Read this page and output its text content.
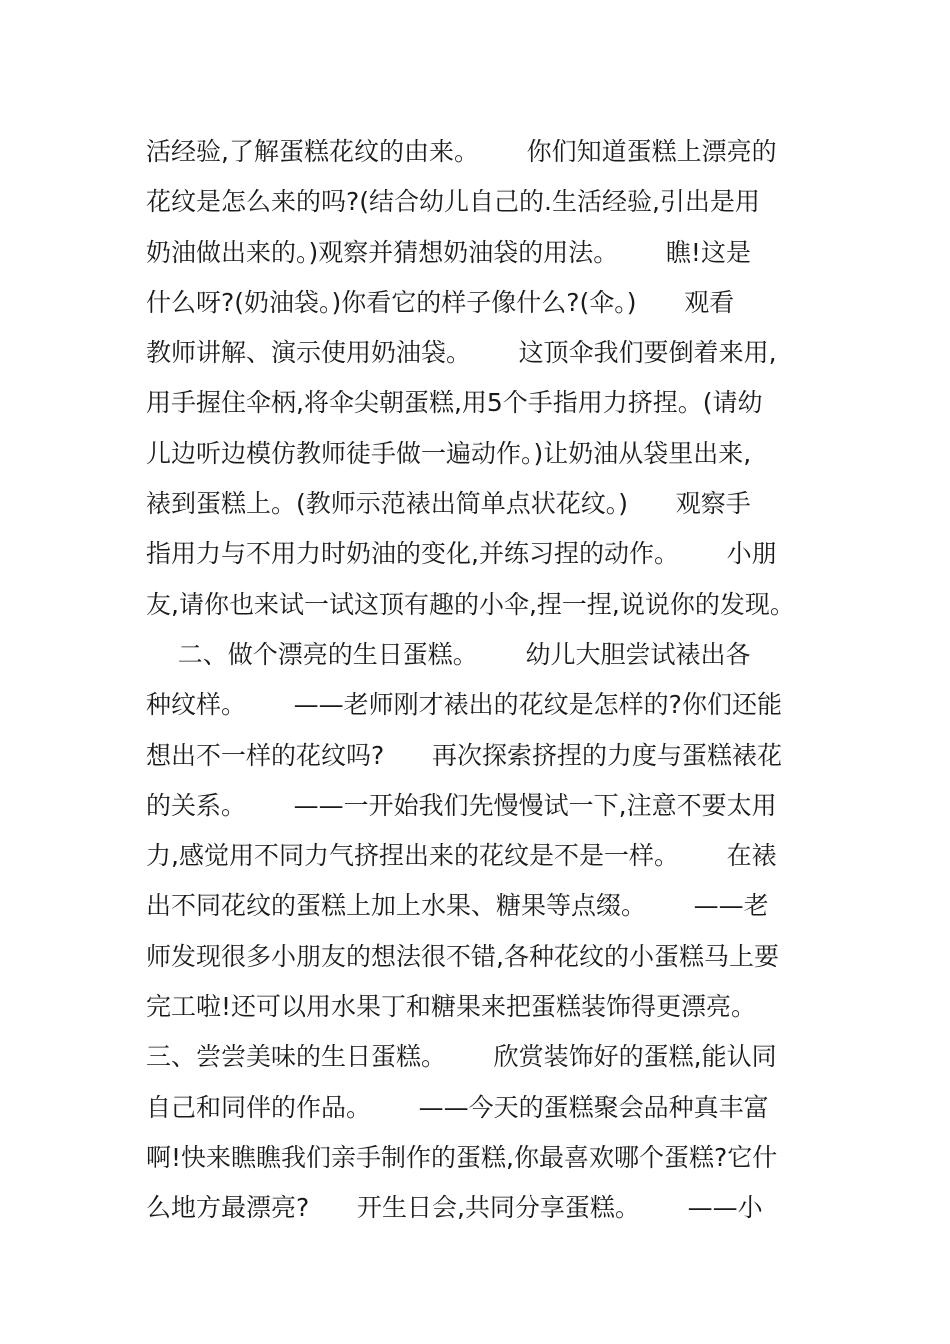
活经验,了解蛋糕花纹的由来。      你们知道蛋糕上漂亮的
花纹是怎么来的吗?(结合幼儿自己的.生活经验,引出是用
奶油做出来的。)观察并猜想奶油袋的用法。      瞧!这是
什么呀?(奶油袋。)你看它的样子像什么?(伞。)      观看
教师讲解、演示使用奶油袋。      这顶伞我们要倒着来用,
用手握住伞柄,将伞尖朝蛋糕,用5个手指用力挤捏。(请幼
儿边听边模仿教师徒手做一遍动作。)让奶油从袋里出来,
裱到蛋糕上。(教师示范裱出简单点状花纹。)      观察手
指用力与不用力时奶油的变化,并练习捏的动作。      小朋
友,请你也来试一试这顶有趣的小伞,捏一捏,说说你的发现。
二、做个漂亮的生日蛋糕。      幼儿大胆尝试裱出各
种纹样。      ——老师刚才裱出的花纹是怎样的?你们还能
想出不一样的花纹吗?      再次探索挤捏的力度与蛋糕裱花
的关系。      ——一开始我们先慢慢试一下,注意不要太用
力,感觉用不同力气挤捏出来的花纹是不是一样。      在裱
出不同花纹的蛋糕上加上水果、糖果等点缀。      ——老
师发现很多小朋友的想法很不错,各种花纹的小蛋糕马上要
完工啦!还可以用水果丁和糖果来把蛋糕装饰得更漂亮。
三、尝尝美味的生日蛋糕。      欣赏装饰好的蛋糕,能认同
自己和同伴的作品。      ——今天的蛋糕聚会品种真丰富
啊!快来瞧瞧我们亲手制作的蛋糕,你最喜欢哪个蛋糕?它什
么地方最漂亮?      开生日会,共同分享蛋糕。      ——小
